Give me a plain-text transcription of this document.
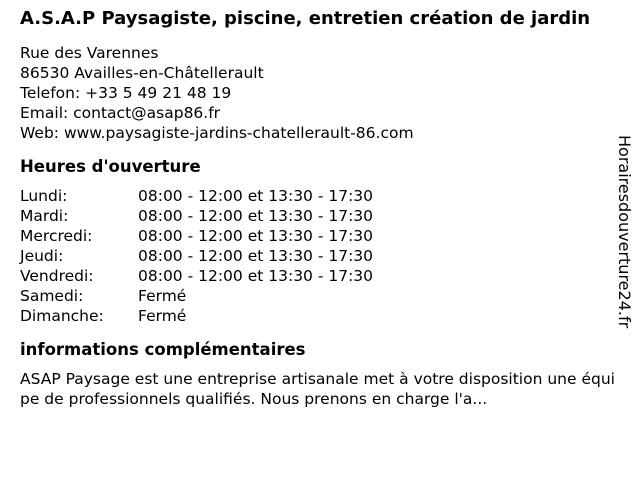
A.S.A.P Paysagiste, piscine, entretien création de jardin
Rue des Varennes
86530 Availles-en-Châtellerault
Telefon: +33 5 49 21 48 19
Email: contact@asap86.fr
Web: www.paysagiste-jardins-chatellerault-86.com
Heures d'ouverture
Lundi:	08:00 - 12:00 et 13:30 - 17:30
Mardi:	08:00 - 12:00 et 13:30 - 17:30
Mercredi:	08:00 - 12:00 et 13:30 - 17:30
Jeudi:	08:00 - 12:00 et 13:30 - 17:30
Vendredi:	08:00 - 12:00 et 13:30 - 17:30
Samedi:	Fermé
Dimanche:	Fermé
informations complémentaires
ASAP Paysage est une entreprise artisanale met à votre disposition une équipe de professionnels qualifiés. Nous prenons en charge l'a...
Horairesdouverture24.fr
